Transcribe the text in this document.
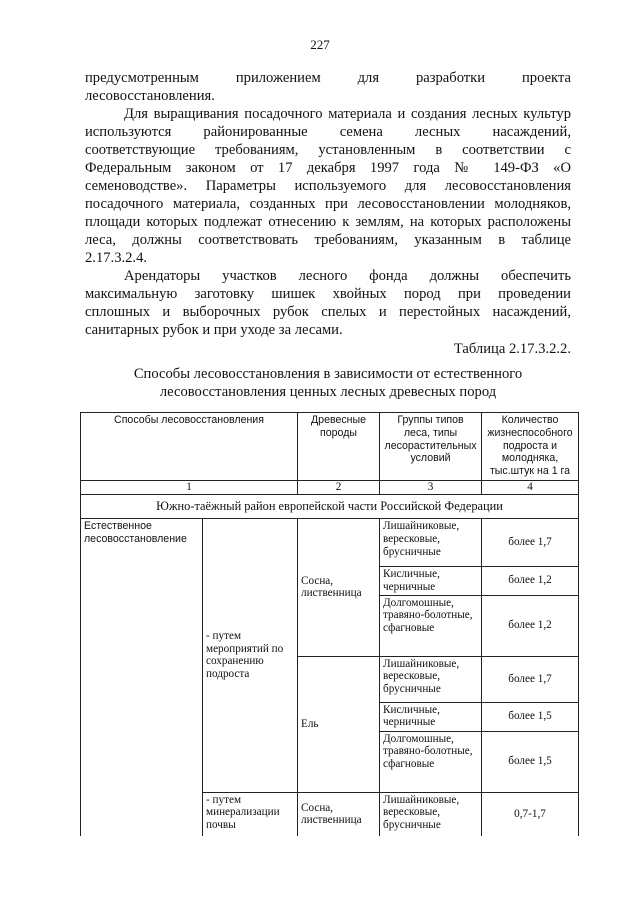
227
предусмотренным приложением для разработки проекта
лесовосстановления.
Для выращивания посадочного материала и создания лесных культур
используются районированные семена лесных насаждений,
соответствующие требованиям, установленным в соответствии с
Федеральным законом от 17 декабря 1997 года № 149-ФЗ «О
семеноводстве». Параметры используемого для лесовосстановления
посадочного материала, созданных при лесовосстановлении молодняков,
площади которых подлежат отнесению к землям, на которых расположены
леса, должны соответствовать требованиям, указанным в таблице
2.17.3.2.4.
Арендаторы участков лесного фонда должны обеспечить
максимальную заготовку шишек хвойных пород при проведении
сплошных и выборочных рубок спелых и перестойных насаждений,
санитарных рубок и при уходе за лесами.
Таблица 2.17.3.2.2.
Способы лесовосстановления в зависимости от естественного
лесовосстановления ценных лесных древесных пород
Способы лесовосстановления		Древесные породы	Группы типов леса, типы лесорастительных условий	Количество жизнеспособного подроста и молодняка, тыс.штук на 1 га
1		2	3	4
Южно-таёжный район европейской части Российской Федерации				
Естественное лесовосстановление	- путем мероприятий по сохранению подроста	Сосна, лиственница	Лишайниковые, вересковые, брусничные	более 1,7
			Кисличные, черничные	более 1,2
			Долгомошные, травяно-болотные, сфагновые	более 1,2
		Ель	Лишайниковые, вересковые, брусничные	более 1,7
			Кисличные, черничные	более 1,5
			Долгомошные, травяно-болотные, сфагновые	более 1,5
	- путем минерализации почвы	Сосна, лиственница	Лишайниковые, вересковые, брусничные	0,7-1,7
